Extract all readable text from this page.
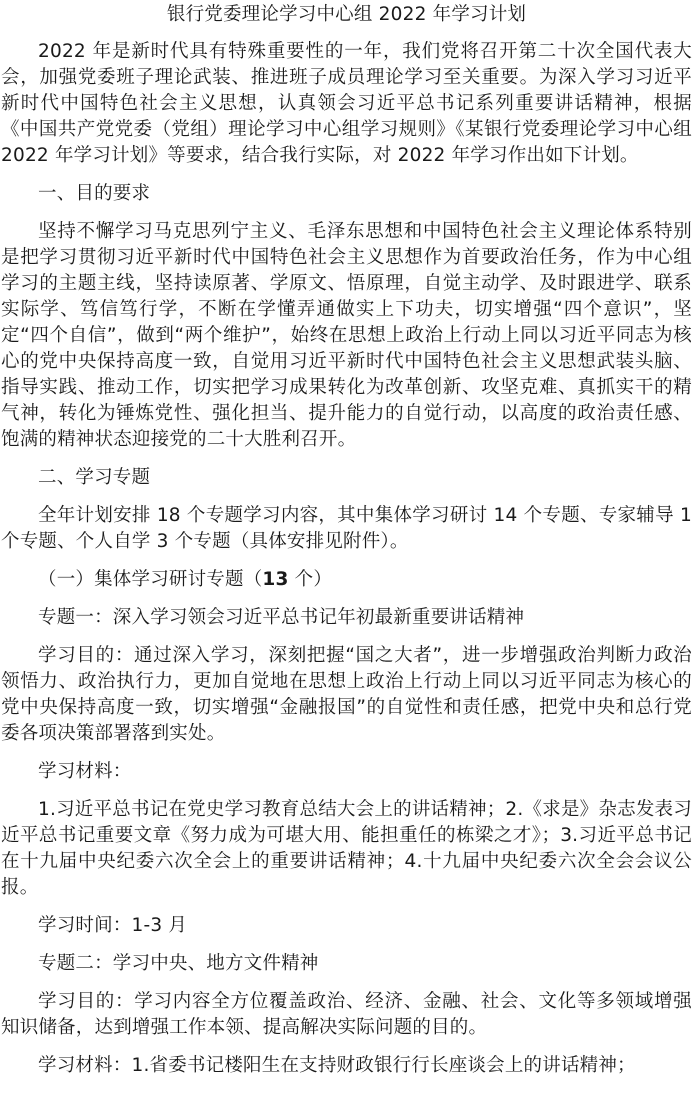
银行党委理论学习中心组 2022 年学习计划

2022 年是新时代具有特殊重要性的一年，我们党将召开第二十次全国代表大会，加强党委班子理论武装、推进班子成员理论学习至关重要。为深入学习习近平新时代中国特色社会主义思想，认真领会习近平总书记系列重要讲话精神，根据《中国共产党党委（党组）理论学习中心组学习规则》《某银行党委理论学习中心组 2022 年学习计划》等要求，结合我行实际，对 2022 年学习作出如下计划。

一、目的要求

坚持不懈学习马克思列宁主义、毛泽东思想和中国特色社会主义理论体系特别是把学习贯彻习近平新时代中国特色社会主义思想作为首要政治任务，作为中心组学习的主题主线，坚持读原著、学原文、悟原理，自觉主动学、及时跟进学、联系实际学、笃信笃行学，不断在学懂弄通做实上下功夫，切实增强“四个意识”，坚定“四个自信”，做到“两个维护”，始终在思想上政治上行动上同以习近平同志为核心的党中央保持高度一致，自觉用习近平新时代中国特色社会主义思想武装头脑、指导实践、推动工作，切实把学习成果转化为改革创新、攻坚克难、真抓实干的精气神，转化为锤炼党性、强化担当、提升能力的自觉行动，以高度的政治责任感、饱满的精神状态迎接党的二十大胜利召开。

二、学习专题

全年计划安排 18 个专题学习内容，其中集体学习研讨 14 个专题、专家辅导 1 个专题、个人自学 3 个专题（具体安排见附件）。

（一）集体学习研讨专题（13 个）

专题一：深入学习领会习近平总书记年初最新重要讲话精神

学习目的：通过深入学习，深刻把握“国之大者”，进一步增强政治判断力政治领悟力、政治执行力，更加自觉地在思想上政治上行动上同以习近平同志为核心的党中央保持高度一致，切实增强“金融报国”的自觉性和责任感，把党中央和总行党委各项决策部署落到实处。

学习材料：

1.习近平总书记在党史学习教育总结大会上的讲话精神；2.《求是》杂志发表习近平总书记重要文章《努力成为可堪大用、能担重任的栋梁之才》；3.习近平总书记在十九届中央纪委六次全会上的重要讲话精神；4.十九届中央纪委六次全会会议公报。

学习时间：1-3 月

专题二：学习中央、地方文件精神

学习目的：学习内容全方位覆盖政治、经济、金融、社会、文化等多领域增强知识储备，达到增强工作本领、提高解决实际问题的目的。

学习材料：1.省委书记楼阳生在支持财政银行行长座谈会上的讲话精神；
